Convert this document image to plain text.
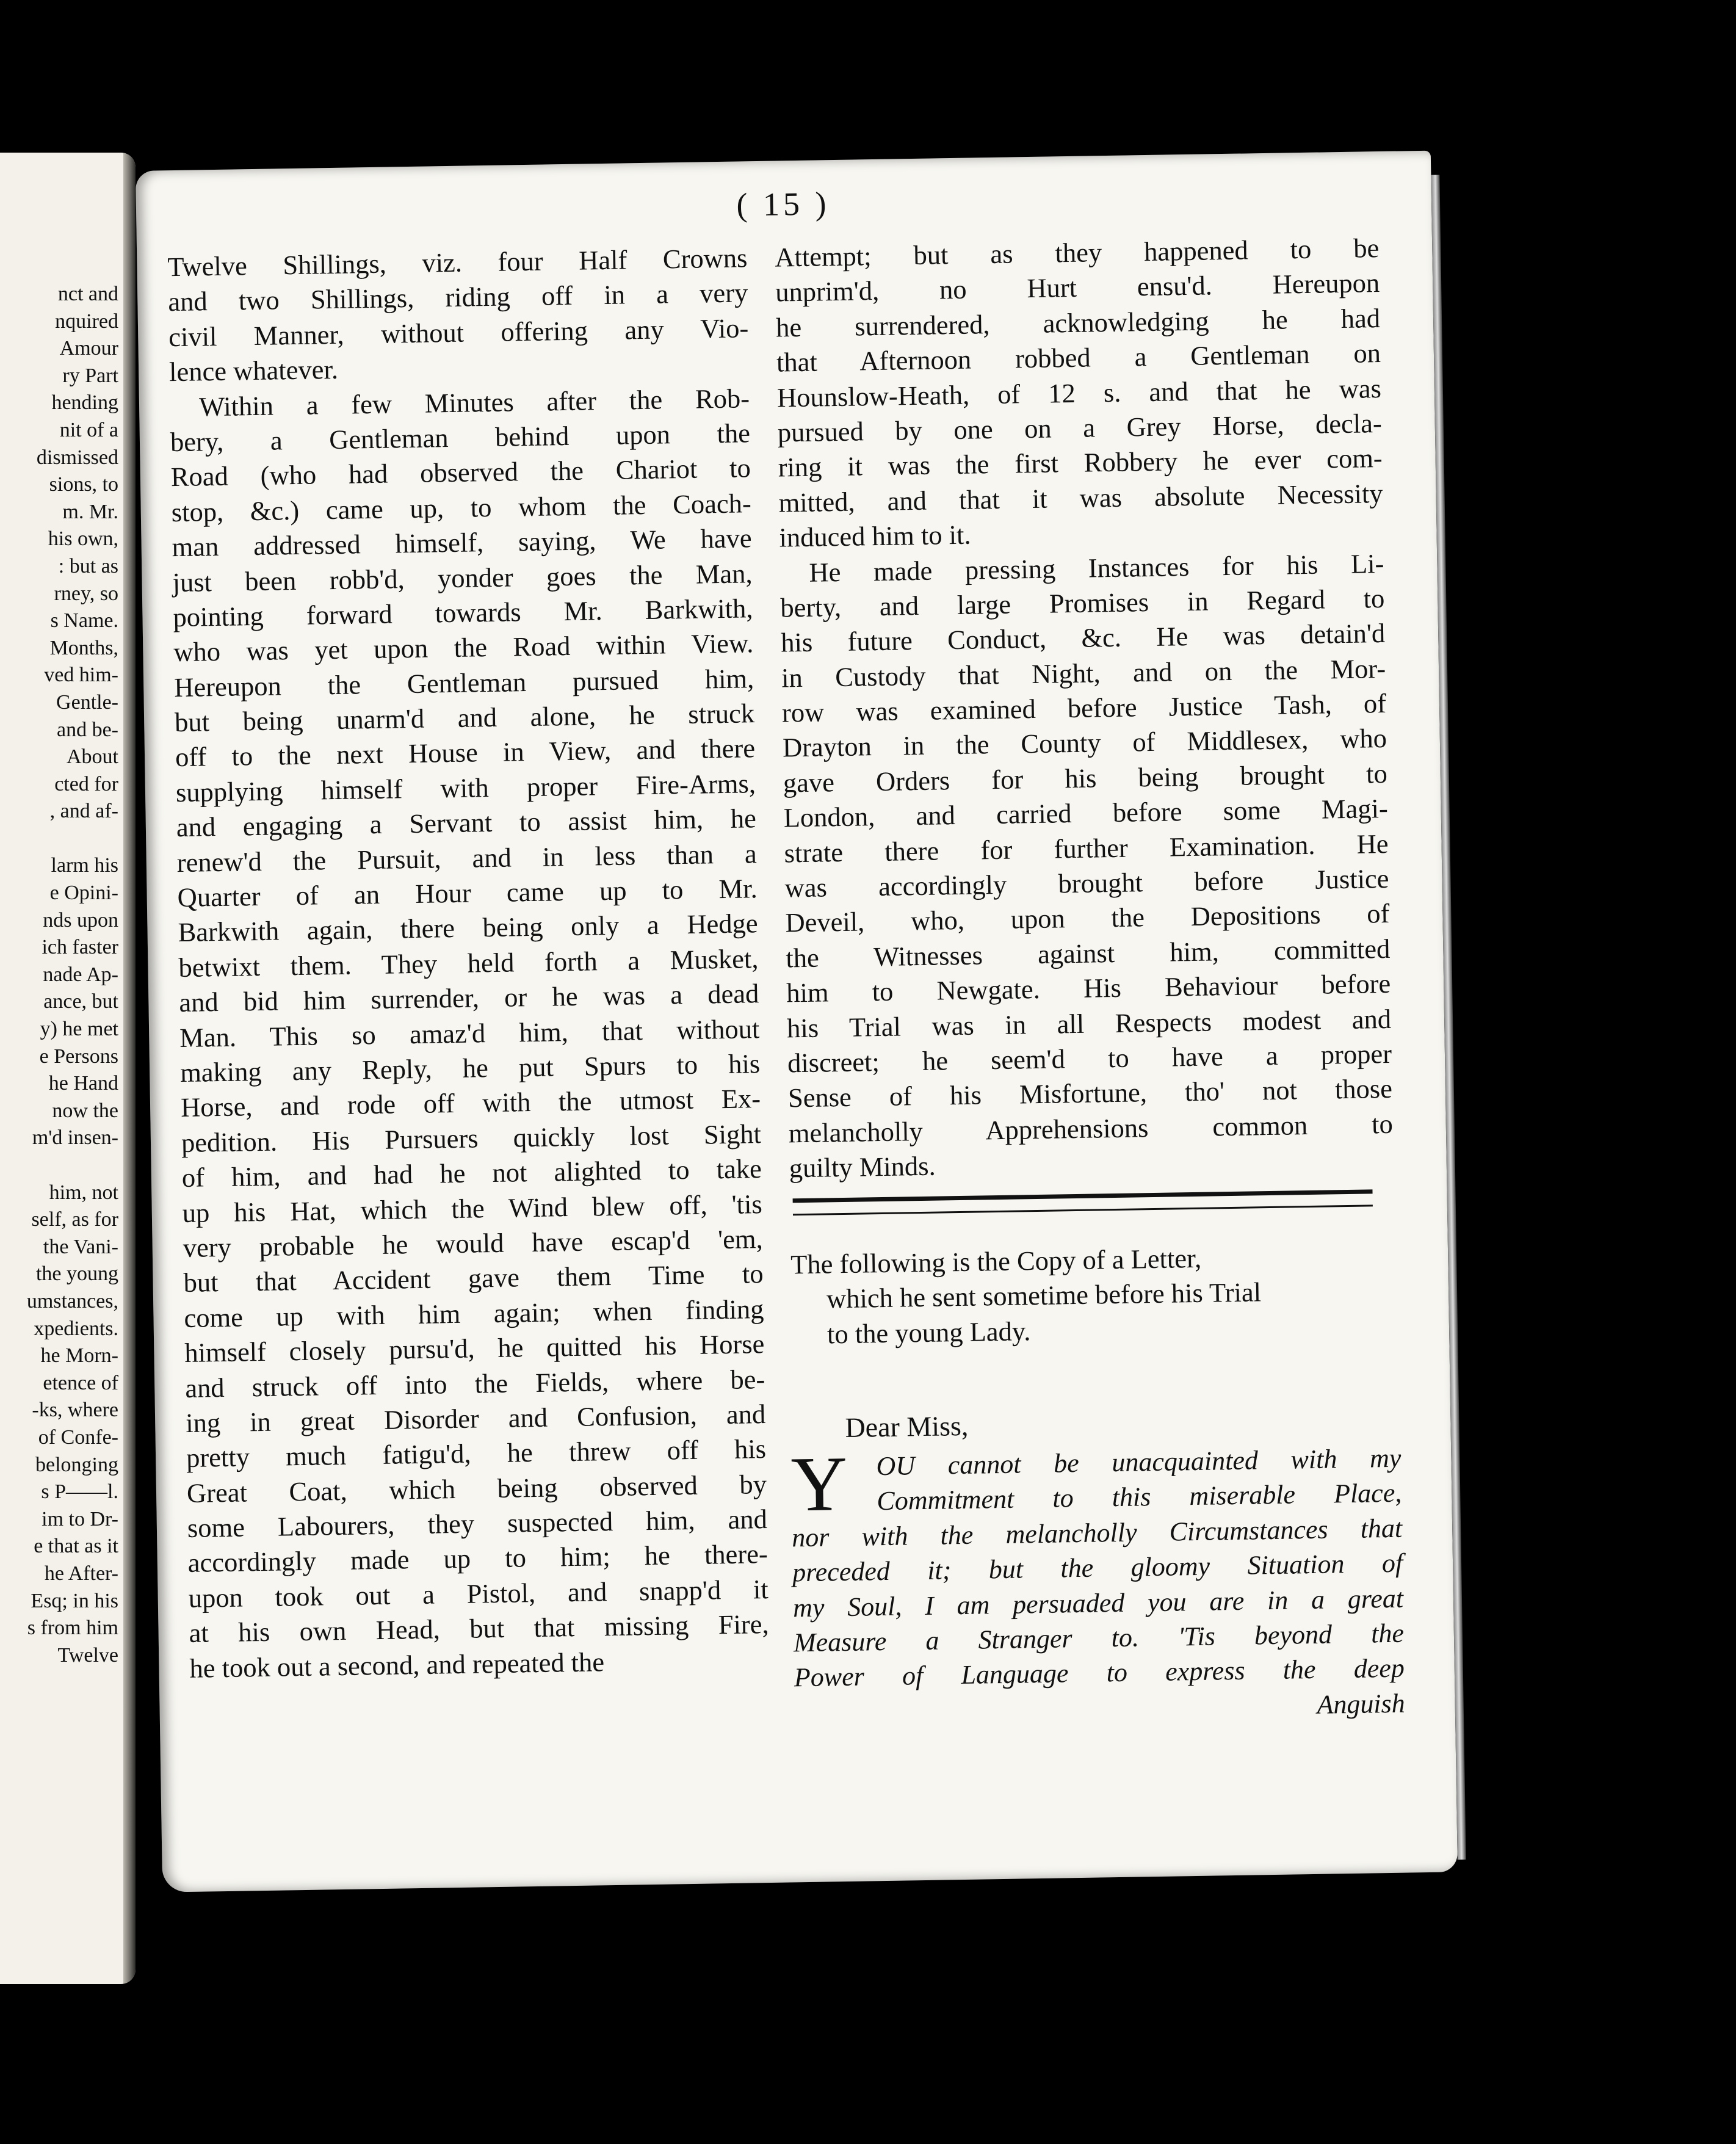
nct and
nquired
Amour
ry Part
hending
nit of a
dismissed
sions, to
m. Mr.
his own,
: but as
rney, so
s Name.
Months,
ved him-
Gentle-
and be-
About
cted for
, and af-
larm his
e Opini-
nds upon
ich faster
nade Ap-
ance, but
y) he met
e Persons
he Hand
now the
m'd insen-
him, not
self, as for
the Vani-
the young
umstances,
xpedients.
he Morn-
etence of
-ks, where
of Confe-
belonging
s P——l.
im to Dr-
e that as it
he After-
Esq; in his
s from him
Twelve
( 15 )
Twelve Shillings, viz. four Half Crowns
and two Shillings, riding off in a very
civil Manner, without offering any Vio-
lence whatever.
Within a few Minutes after the Rob-
bery, a Gentleman behind upon the
Road (who had observed the Chariot to
stop, &c.) came up, to whom the Coach-
man addressed himself, saying, We have
just been robb'd, yonder goes the Man,
pointing forward towards Mr. Barkwith,
who was yet upon the Road within View.
Hereupon the Gentleman pursued him,
but being unarm'd and alone, he struck
off to the next House in View, and there
supplying himself with proper Fire-Arms,
and engaging a Servant to assist him, he
renew'd the Pursuit, and in less than a
Quarter of an Hour came up to Mr.
Barkwith again, there being only a Hedge
betwixt them. They held forth a Musket,
and bid him surrender, or he was a dead
Man. This so amaz'd him, that without
making any Reply, he put Spurs to his
Horse, and rode off with the utmost Ex-
pedition. His Pursuers quickly lost Sight
of him, and had he not alighted to take
up his Hat, which the Wind blew off, 'tis
very probable he would have escap'd 'em,
but that Accident gave them Time to
come up with him again; when finding
himself closely pursu'd, he quitted his Horse
and struck off into the Fields, where be-
ing in great Disorder and Confusion, and
pretty much fatigu'd, he threw off his
Great Coat, which being observed by
some Labourers, they suspected him, and
accordingly made up to him; he there-
upon took out a Pistol, and snapp'd it
at his own Head, but that missing Fire,
he took out a second, and repeated the
Attempt; but as they happened to be
unprim'd, no Hurt ensu'd. Hereupon
he surrendered, acknowledging he had
that Afternoon robbed a Gentleman on
Hounslow-Heath, of 12 s. and that he was
pursued by one on a Grey Horse, decla-
ring it was the first Robbery he ever com-
mitted, and that it was absolute Necessity
induced him to it.
He made pressing Instances for his Li-
berty, and large Promises in Regard to
his future Conduct, &c. He was detain'd
in Custody that Night, and on the Mor-
row was examined before Justice Tash, of
Drayton in the County of Middlesex, who
gave Orders for his being brought to
London, and carried before some Magi-
strate there for further Examination. He
was accordingly brought before Justice
Deveil, who, upon the Depositions of
the Witnesses against him, committed
him to Newgate. His Behaviour before
his Trial was in all Respects modest and
discreet; he seem'd to have a proper
Sense of his Misfortune, tho' not those
melancholly Apprehensions common to
guilty Minds.
The following is the Copy of a Letter,
which he sent sometime before his Trial
to the young Lady.
Dear Miss,
Y	OU cannot be unacquainted with my
Commitment to this miserable Place,
nor with the melancholly Circumstances that
preceded it; but the gloomy Situation of
my Soul, I am persuaded you are in a great
Measure a Stranger to. 'Tis beyond the
Power of Language to express the deep
Anguish
